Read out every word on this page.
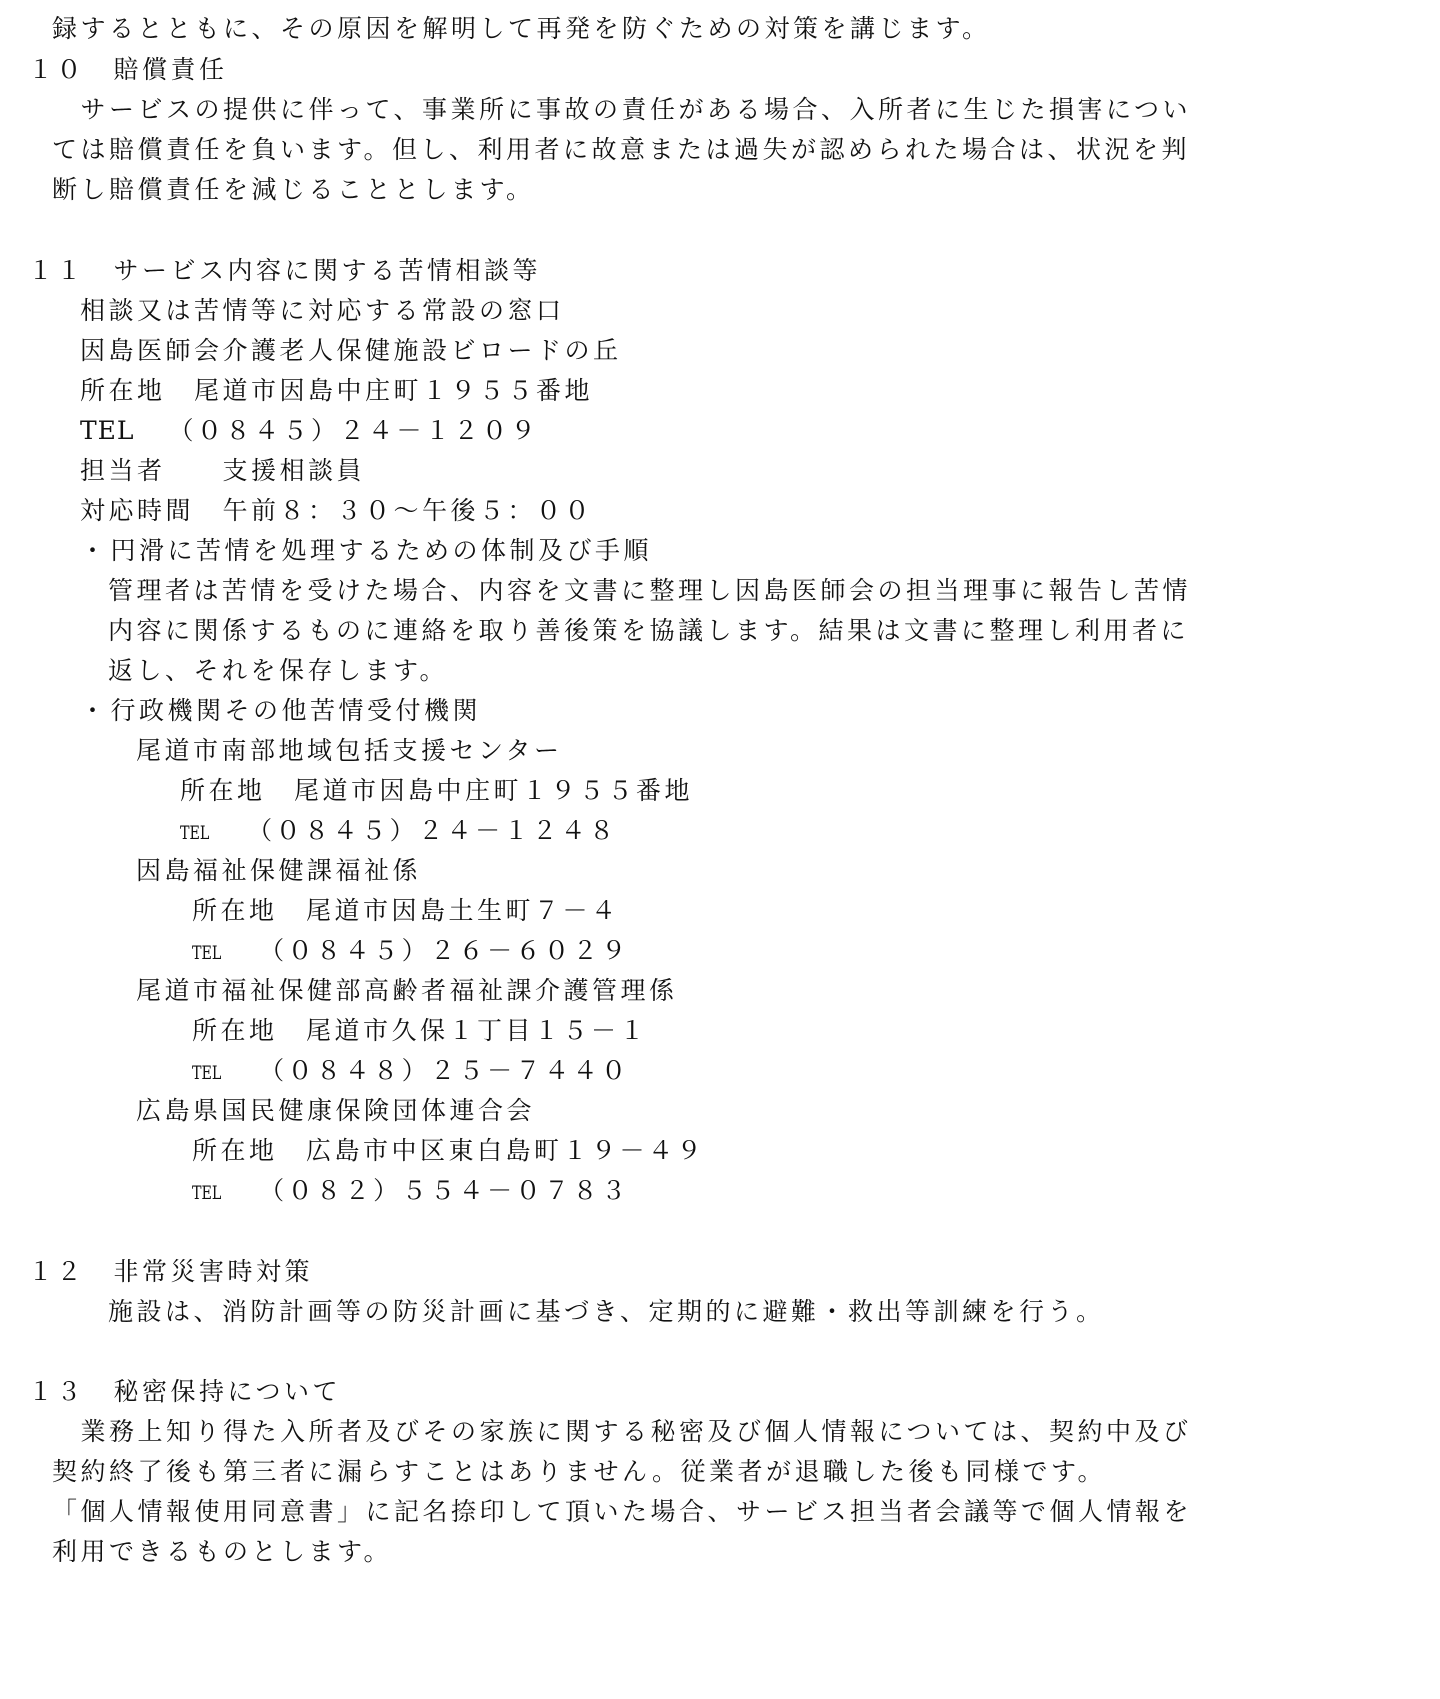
録するとともに、その原因を解明して再発を防ぐための対策を講じます。
１０　 賠償責任
　サービスの提供に伴って、事業所に事故の責任がある場合、入所者に生じた損害につい
ては賠償責任を負います。但し、利用者に故意または過失が認められた場合は、状況を判
断し賠償責任を減じることとします。
１１　 サービス内容に関する苦情相談等
相談又は苦情等に対応する常設の窓口
因島医師会介護老人保健施設ビロードの丘
所在地　 尾道市因島中庄町１９５５番地
TEL （０８４５）２４－１２０９
担当者　　 支援相談員
対応時間　 午前８：３０～午後５：００
・円滑に苦情を処理するための体制及び手順
管理者は苦情を受けた場合、内容を文書に整理し因島医師会の担当理事に報告し苦情
内容に関係するものに連絡を取り善後策を協議します。結果は文書に整理し利用者に
返し、それを保存します。
・行政機関その他苦情受付機関
尾道市南部地域包括支援センター
所在地　 尾道市因島中庄町１９５５番地
TEL （０８４５）２４－１２４８
因島福祉保健課福祉係
所在地　 尾道市因島土生町７－４
TEL （０８４５）２６－６０２９
尾道市福祉保健部高齢者福祉課介護管理係
所在地　 尾道市久保１丁目１５－１
TEL （０８４８）２５－７４４０
広島県国民健康保険団体連合会
所在地　 広島市中区東白島町１９－４９
TEL （０８２）５５４－０７８３
１２　 非常災害時対策
施設は、消防計画等の防災計画に基づき、定期的に避難・救出等訓練を行う。
１３　 秘密保持について
　業務上知り得た入所者及びその家族に関する秘密及び個人情報については、契約中及び
契約終了後も第三者に漏らすことはありません。従業者が退職した後も同様です。
「個人情報使用同意書」に記名捺印して頂いた場合、サービス担当者会議等で個人情報を
利用できるものとします。
